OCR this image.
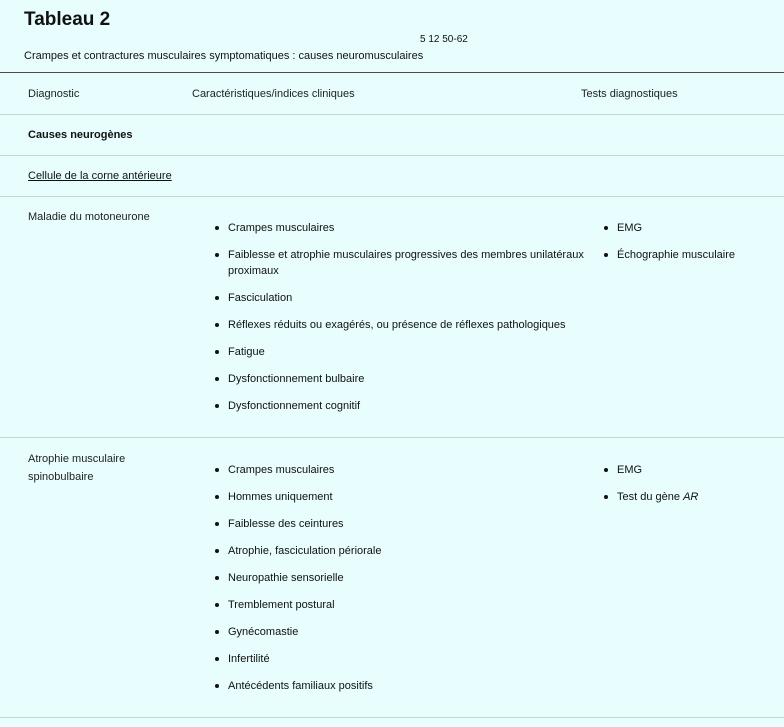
Tableau 2
5 12 50-62
Crampes et contractures musculaires symptomatiques : causes neuromusculaires
Diagnostic	Caractéristiques/indices cliniques	Tests diagnostiques
Causes neurogènes
Cellule de la corne antérieure
Maladie du motoneurone
Crampes musculaires
Faiblesse et atrophie musculaires progressives des membres unilatéraux proximaux
Fasciculation
Réflexes réduits ou exagérés, ou présence de réflexes pathologiques
Fatigue
Dysfonctionnement bulbaire
Dysfonctionnement cognitif
EMG
Échographie musculaire
Atrophie musculaire spinobulbaire
Crampes musculaires
Hommes uniquement
Faiblesse des ceintures
Atrophie, fasciculation périorale
Neuropathie sensorielle
Tremblement postural
Gynécomastie
Infertilité
Antécédents familiaux positifs
EMG
Test du gène AR
